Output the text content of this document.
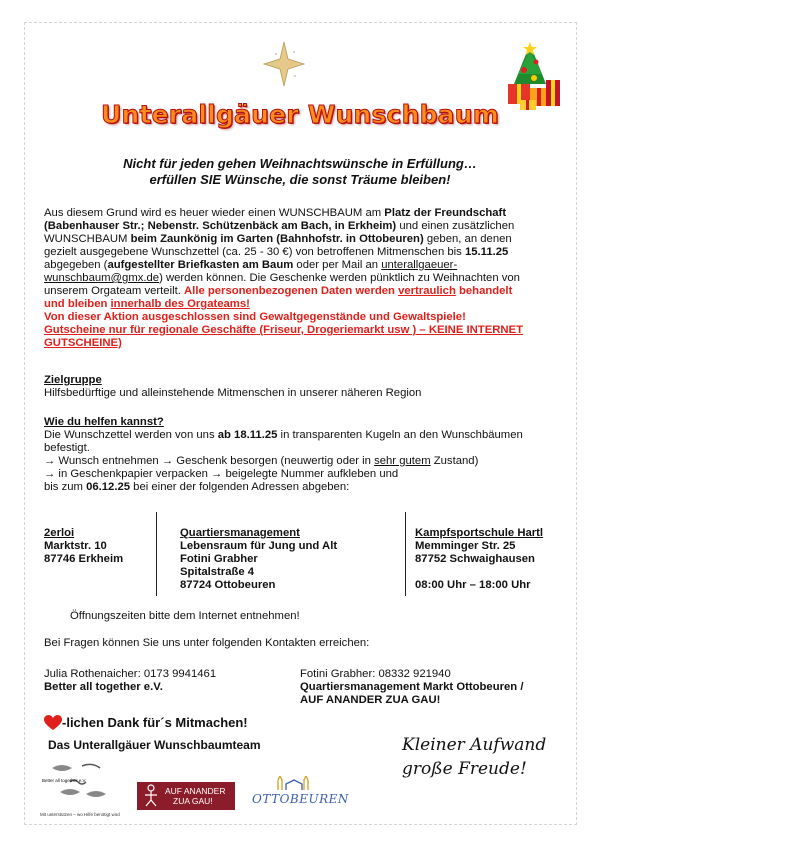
Unterallgäuer Wunschbaum
Nicht für jeden gehen Weihnachtswünsche in Erfüllung…
erfüllen SIE Wünsche, die sonst Träume bleiben!
Aus diesem Grund wird es heuer wieder einen WUNSCHBAUM am Platz der Freundschaft
(Babenhauser Str.; Nebenstr. Schützenbäck am Bach, in Erkheim) und einen zusätzlichen
WUNSCHBAUM beim Zaunkönig im Garten (Bahnhofstr. in Ottobeuren) geben, an denen
gezielt ausgegebene Wunschzettel (ca. 25 - 30 €) von betroffenen Mitmenschen bis 15.11.25
abgegeben (aufgestellter Briefkasten am Baum oder per Mail an unterallgaeuer-
wunschbaum@gmx.de) werden können. Die Geschenke werden pünktlich zu Weihnachten von
unserem Orgateam verteilt. Alle personenbezogenen Daten werden vertraulich behandelt
und bleiben innerhalb des Orgateams!
Von dieser Aktion ausgeschlossen sind Gewaltgegenstände und Gewaltspiele!
Gutscheine nur für regionale Geschäfte (Friseur, Drogeriemarkt usw ) – KEINE INTERNET
GUTSCHEINE)
Zielgruppe
Hilfsbedürftige und alleinstehende Mitmenschen in unserer näheren Region
Wie du helfen kannst?
Die Wunschzettel werden von uns ab 18.11.25 in transparenten Kugeln an den Wunschbäumen
befestigt.
→ Wunsch entnehmen → Geschenk besorgen (neuwertig oder in sehr gutem Zustand)
→ in Geschenkpapier verpacken → beigelegte Nummer aufkleben und
bis zum 06.12.25 bei einer der folgenden Adressen abgeben:
2erloi
Marktstr. 10
87746 Erkheim
Quartiersmanagement
Lebensraum für Jung und Alt
Fotini Grabher
Spitalstraße 4
87724 Ottobeuren
Kampfsportschule Hartl
Memminger Str. 25
87752 Schwaighausen
08:00 Uhr – 18:00 Uhr
Öffnungszeiten bitte dem Internet entnehmen!
Bei Fragen können Sie uns unter folgenden Kontakten erreichen:
Julia Rothenaicher: 0173 9941461
Better all together e.V.
Fotini Grabher: 08332 921940
Quartiersmanagement Markt Ottobeuren /
AUF ANANDER ZUA GAU!
-lichen Dank für´s Mitmachen!
Das Unterallgäuer Wunschbaumteam	Kleiner Aufwand
große Freude!
Better all together e.V.
AUF ANANDER
ZUA GAU!	OTTOBEUREN
Mit unterstützen – wo Hilfe benötigt wird
